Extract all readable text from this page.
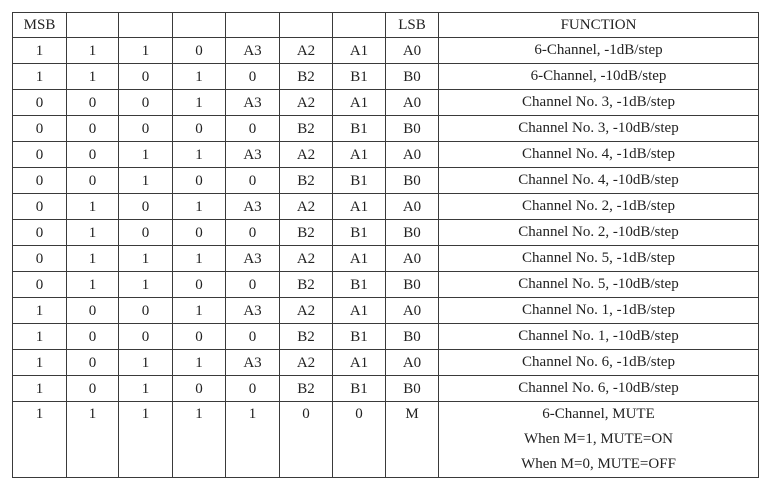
MSB							LSB	FUNCTION
1	1	1	0	A3	A2	A1	A0	6-Channel, -1dB/step

1	1	0	1	0	B2	B1	B0	6-Channel, -10dB/step

0	0	0	1	A3	A2	A1	A0	Channel No. 3, -1dB/step

0	0	0	0	0	B2	B1	B0	Channel No. 3, -10dB/step

0	0	1	1	A3	A2	A1	A0	Channel No. 4, -1dB/step

0	0	1	0	0	B2	B1	B0	Channel No. 4, -10dB/step

0	1	0	1	A3	A2	A1	A0	Channel No. 2, -1dB/step

0	1	0	0	0	B2	B1	B0	Channel No. 2, -10dB/step

0	1	1	1	A3	A2	A1	A0	Channel No. 5, -1dB/step

0	1	1	0	0	B2	B1	B0	Channel No. 5, -10dB/step

1	0	0	1	A3	A2	A1	A0	Channel No. 1, -1dB/step

1	0	0	0	0	B2	B1	B0	Channel No. 1, -10dB/step

1	0	1	1	A3	A2	A1	A0	Channel No. 6, -1dB/step

1	0	1	0	0	B2	B1	B0	Channel No. 6, -10dB/step

1	1	1	1	1	0	0	M	6-Channel, MUTE
When M=1, MUTE=ON
When M=0, MUTE=OFF
